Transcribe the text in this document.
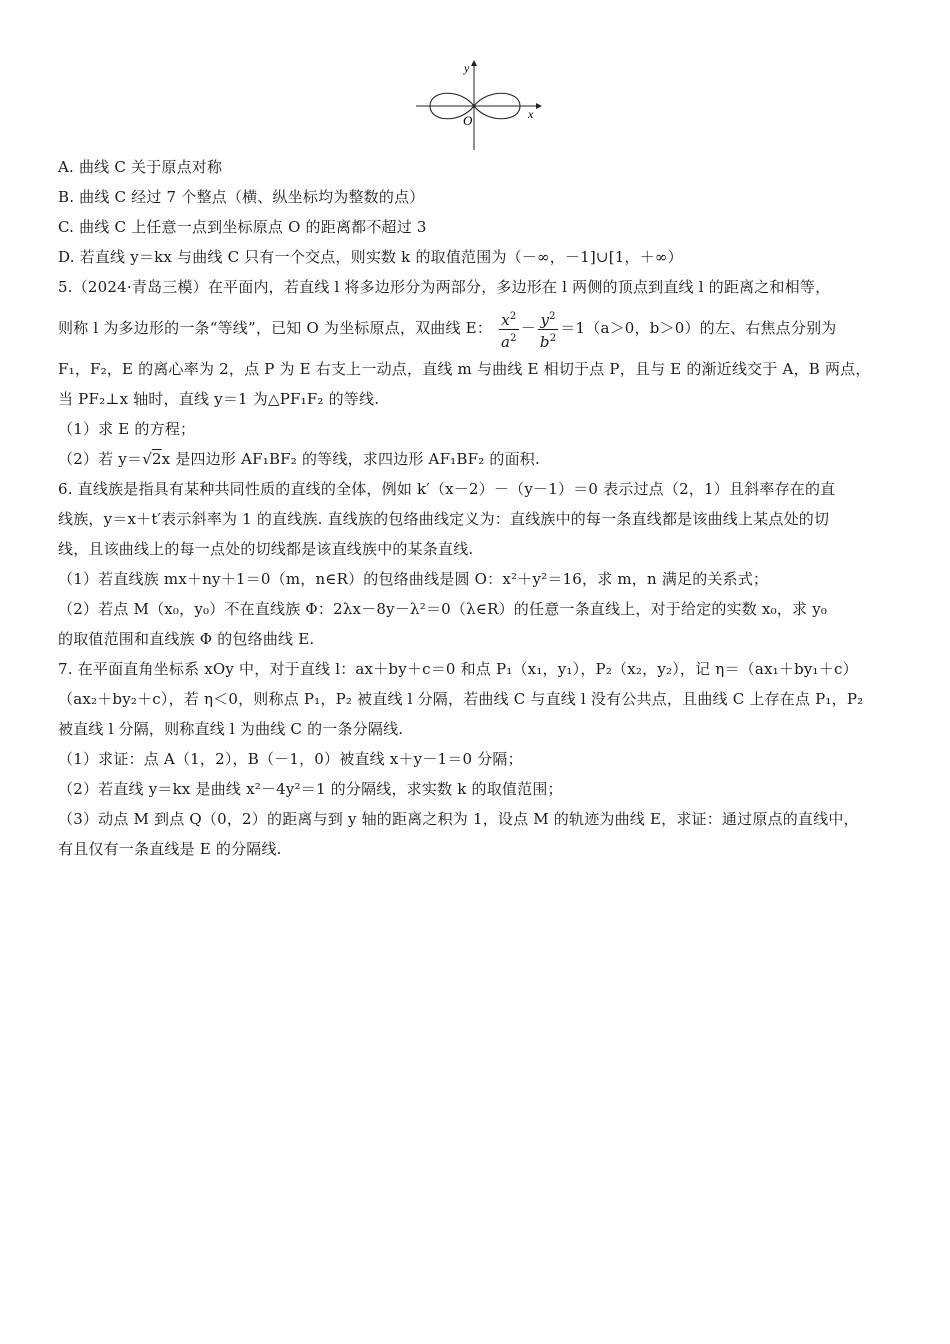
y
x
O
A. 曲线 C 关于原点对称
B. 曲线 C 经过 7 个整点（横、纵坐标均为整数的点）
C. 曲线 C 上任意一点到坐标原点 O 的距离都不超过 3
D. 若直线 y＝kx 与曲线 C 只有一个交点，则实数 k 的取值范围为（－∞，－1]∪[1，＋∞）
5.（2024·青岛三模）在平面内，若直线 l 将多边形分为两部分，多边形在 l 两侧的顶点到直线 l 的距离之和相等，
则称 l 为多边形的一条“等线”，已知 O 为坐标原点，双曲线 E： $\frac{x^2}{a^2} - \frac{y^2}{b^2} =1(a>0$，b＞0）的左、右焦点分别为
F₁，F₂，E 的离心率为 2，点 P 为 E 右支上一动点，直线 m 与曲线 E 相切于点 P，且与 E 的渐近线交于 A，B 两点，
当 PF₂⊥x 轴时，直线 y＝1 为△PF₁F₂ 的等线.
（1）求 E 的方程；
（2）若 y＝√2x 是四边形 AF₁BF₂ 的等线，求四边形 AF₁BF₂ 的面积.
6. 直线族是指具有某种共同性质的直线的全体，例如 k′（x－2）－（y－1）＝0 表示过点（2，1）且斜率存在的直
线族，y＝x＋t′表示斜率为 1 的直线族. 直线族的包络曲线定义为：直线族中的每一条直线都是该曲线上某点处的切
线，且该曲线上的每一点处的切线都是该直线族中的某条直线.
（1）若直线族 mx＋ny＋1＝0（m，n∈R）的包络曲线是圆 O：x²＋y²＝16，求 m，n 满足的关系式；
（2）若点 M（x₀，y₀）不在直线族 Φ：2λx－8y－λ²＝0（λ∈R）的任意一条直线上，对于给定的实数 x₀，求 y₀
的取值范围和直线族 Φ 的包络曲线 E.
7. 在平面直角坐标系 xOy 中，对于直线 l：ax＋by＋c＝0 和点 P₁（x₁，y₁），P₂（x₂，y₂），记 η＝（ax₁＋by₁＋c）
（ax₂＋by₂＋c），若 η＜0，则称点 P₁，P₂ 被直线 l 分隔，若曲线 C 与直线 l 没有公共点，且曲线 C 上存在点 P₁，P₂
被直线 l 分隔，则称直线 l 为曲线 C 的一条分隔线.
（1）求证：点 A（1，2），B（－1，0）被直线 x＋y－1＝0 分隔；
（2）若直线 y＝kx 是曲线 x²－4y²＝1 的分隔线，求实数 k 的取值范围；
（3）动点 M 到点 Q（0，2）的距离与到 y 轴的距离之积为 1，设点 M 的轨迹为曲线 E，求证：通过原点的直线中，
有且仅有一条直线是 E 的分隔线.
